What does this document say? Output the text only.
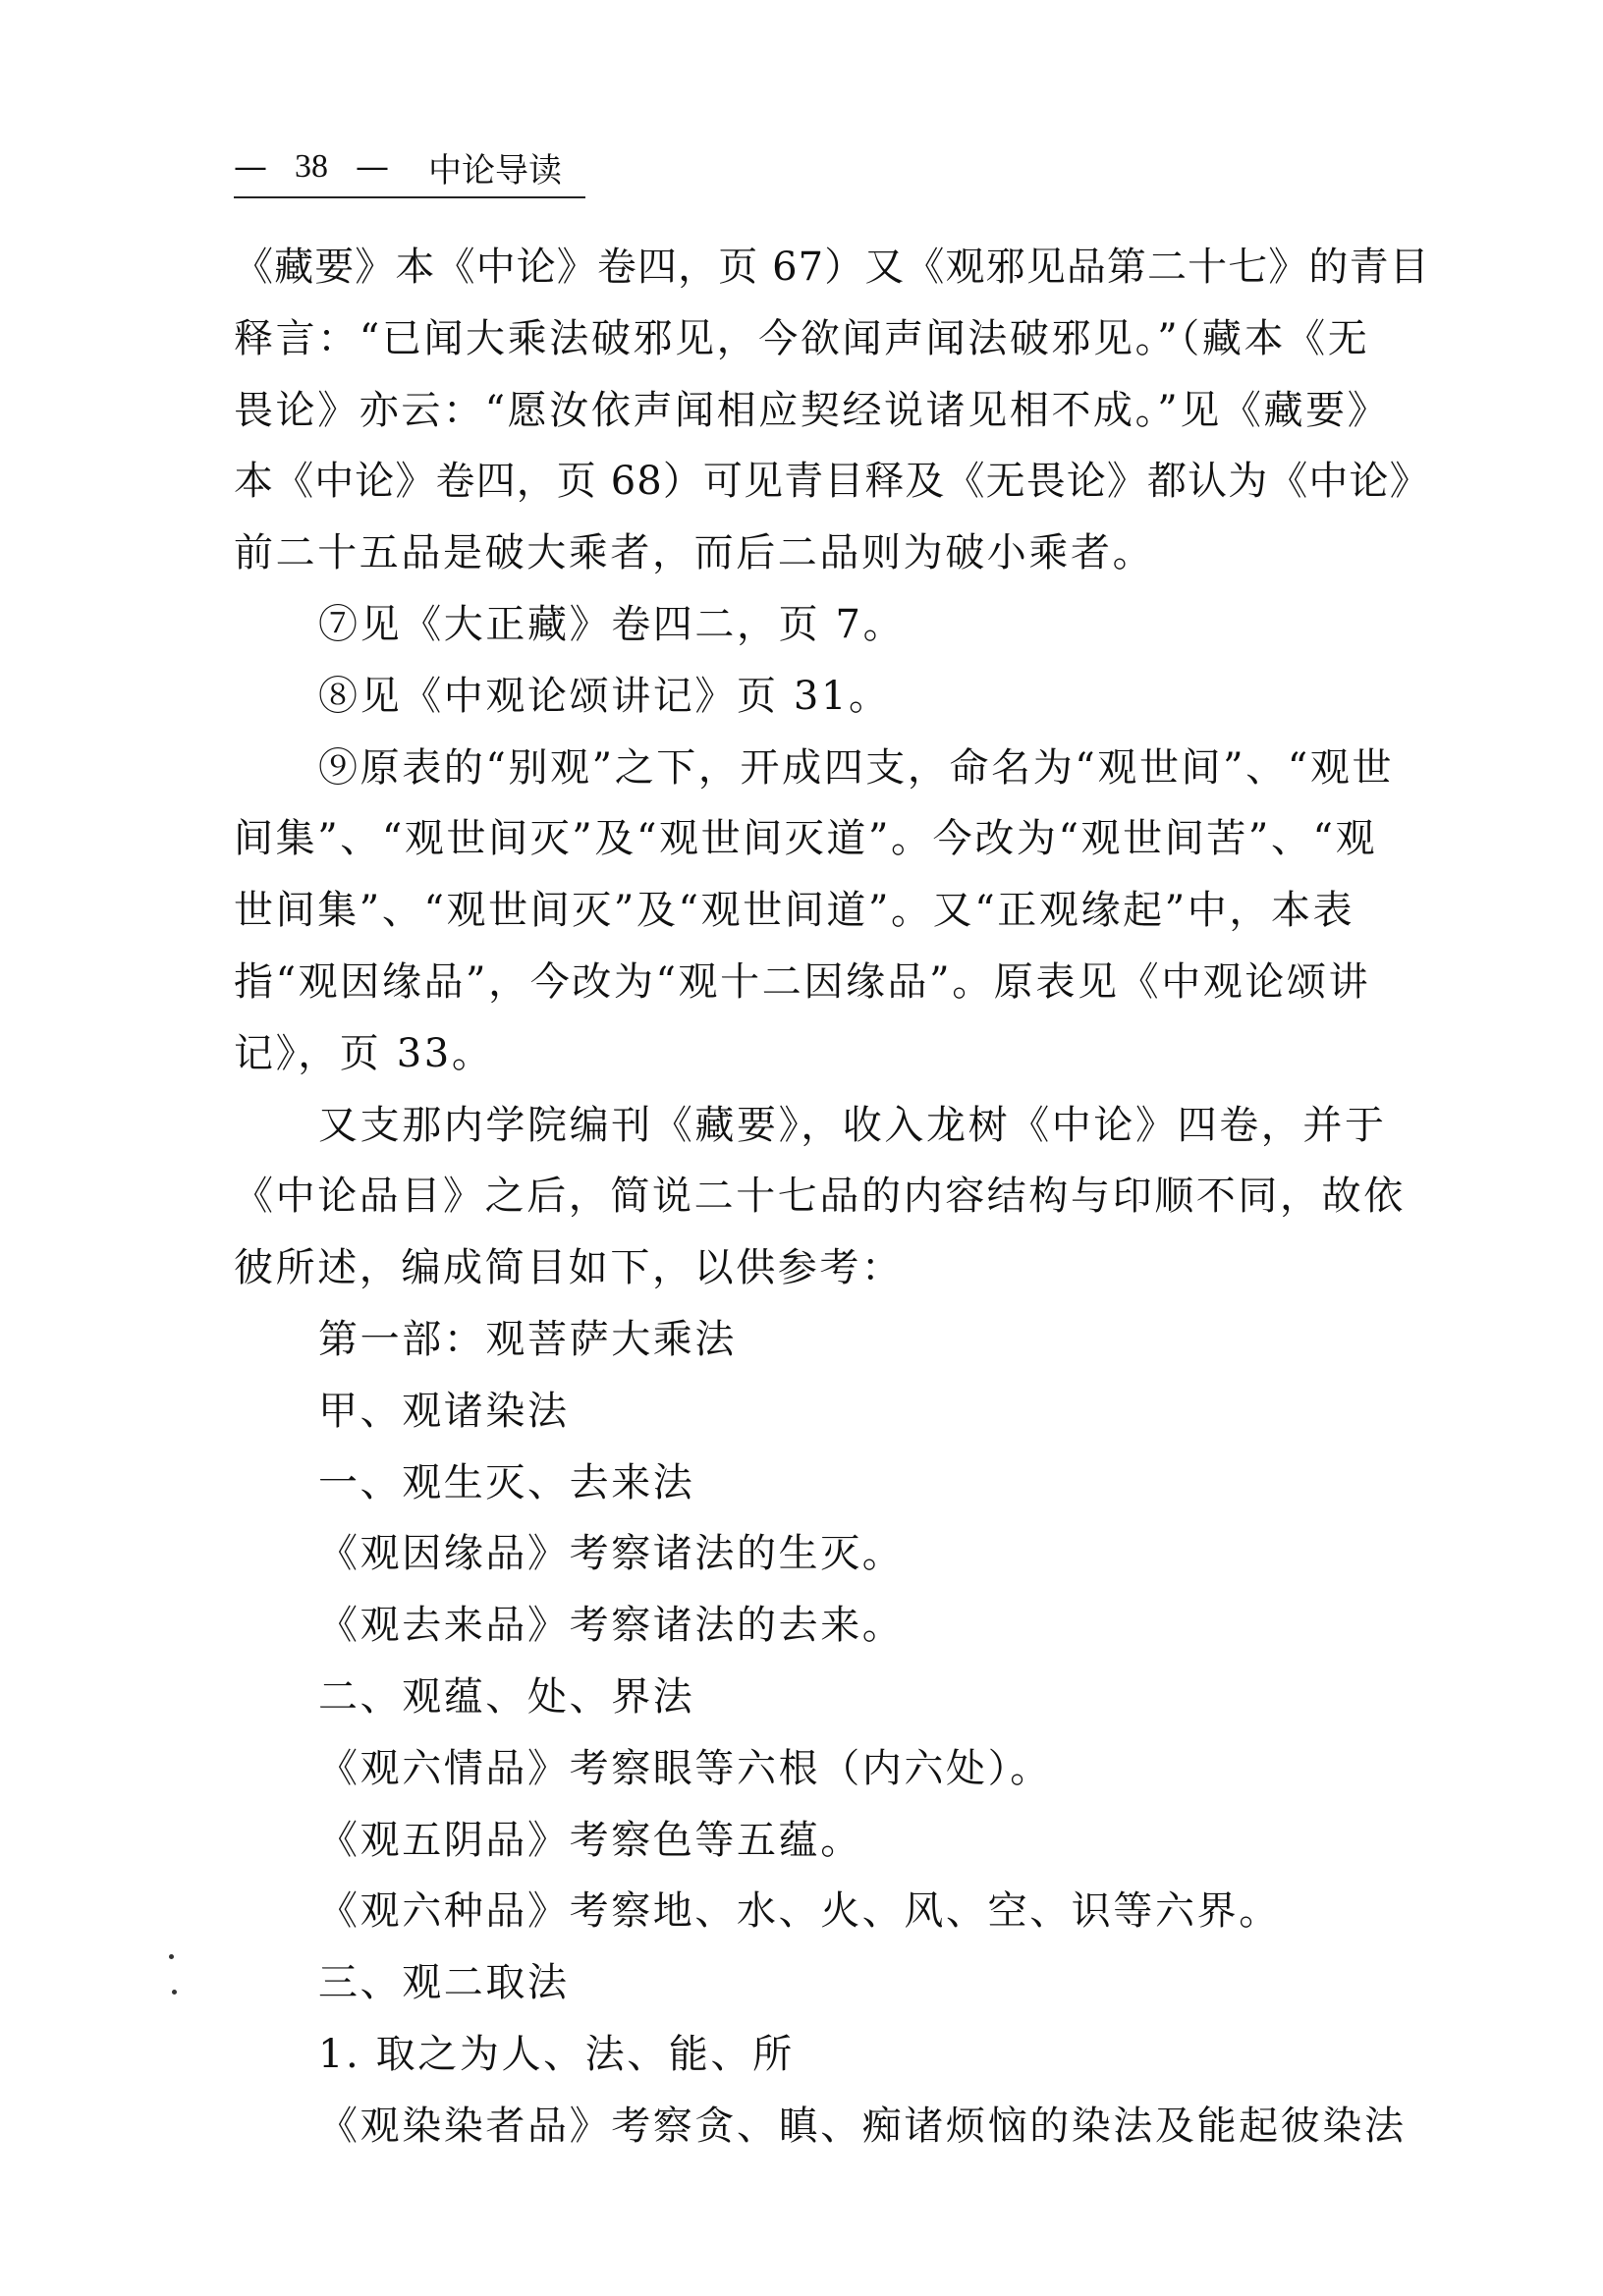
— 38 — 中论导读
《藏要》本《中论》卷四，页 67）又《观邪见品第二十七》的青目
释言：“已闻大乘法破邪见，今欲闻声闻法破邪见。”（藏本《无
畏论》亦云：“愿汝依声闻相应契经说诸见相不成。”见《藏要》
本《中论》卷四，页 68）可见青目释及《无畏论》都认为《中论》
前二十五品是破大乘者，而后二品则为破小乘者。
⑦见《大正藏》卷四二，页 7。
⑧见《中观论颂讲记》页 31。
⑨原表的“别观”之下，开成四支，命名为“观世间”、“观世
间集”、“观世间灭”及“观世间灭道”。今改为“观世间苦”、“观
世间集”、“观世间灭”及“观世间道”。又“正观缘起”中，本表
指“观因缘品”，今改为“观十二因缘品”。原表见《中观论颂讲
记》，页 33。
又支那内学院编刊《藏要》，收入龙树《中论》四卷，并于
《中论品目》之后，简说二十七品的内容结构与印顺不同，故依
彼所述，编成简目如下，以供参考：
第一部：观菩萨大乘法
甲、观诸染法
一、观生灭、去来法
《观因缘品》考察诸法的生灭。
《观去来品》考察诸法的去来。
二、观蕴、处、界法
《观六情品》考察眼等六根（内六处）。
《观五阴品》考察色等五蕴。
《观六种品》考察地、水、火、风、空、识等六界。
三、观二取法
1. 取之为人、法、能、所
《观染染者品》考察贪、瞋、痴诸烦恼的染法及能起彼染法
